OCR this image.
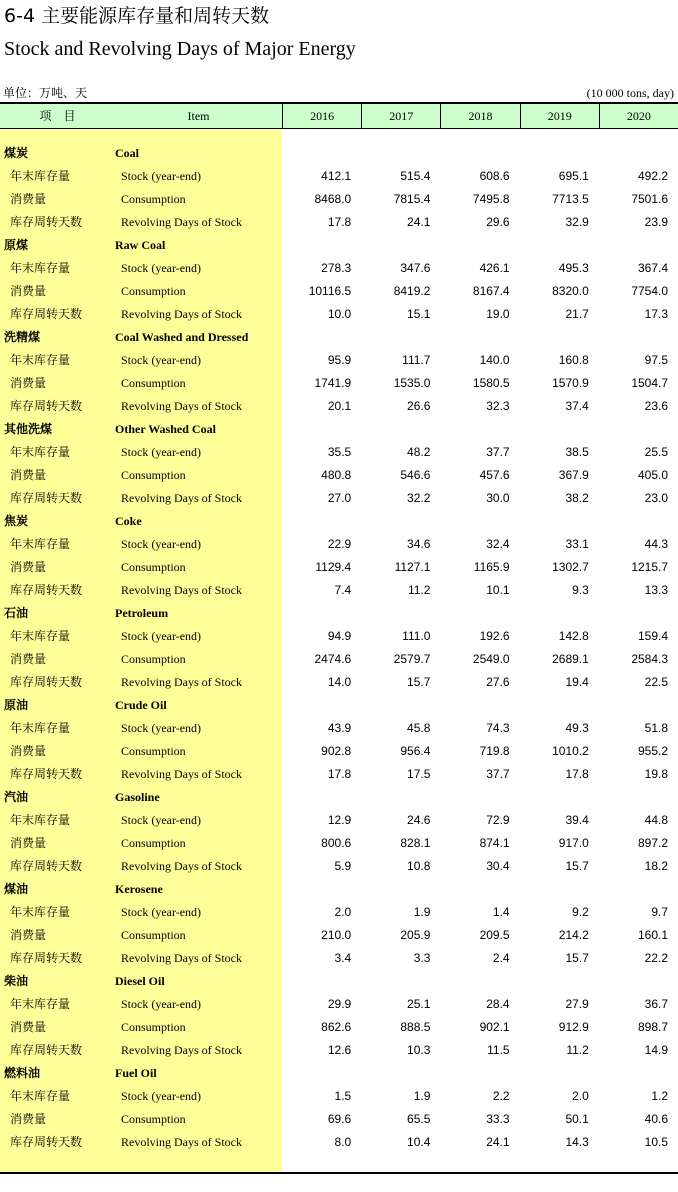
6-4 主要能源库存量和周转天数
Stock and Revolving Days of Major Energy
单位：万吨、天	(10 000 tons, day)
项　目	Item	2016	2017	2018	2019	2020
煤炭	Coal
年末库存量	Stock (year-end)	412.1	515.4	608.6	695.1	492.2
消费量	Consumption	8468.0	7815.4	7495.8	7713.5	7501.6
库存周转天数	Revolving Days of Stock	17.8	24.1	29.6	32.9	23.9
原煤	Raw Coal
年末库存量	Stock (year-end)	278.3	347.6	426.1	495.3	367.4
消费量	Consumption	10116.5	8419.2	8167.4	8320.0	7754.0
库存周转天数	Revolving Days of Stock	10.0	15.1	19.0	21.7	17.3
洗精煤	Coal Washed and Dressed
年末库存量	Stock (year-end)	95.9	111.7	140.0	160.8	97.5
消费量	Consumption	1741.9	1535.0	1580.5	1570.9	1504.7
库存周转天数	Revolving Days of Stock	20.1	26.6	32.3	37.4	23.6
其他洗煤	Other Washed Coal
年末库存量	Stock (year-end)	35.5	48.2	37.7	38.5	25.5
消费量	Consumption	480.8	546.6	457.6	367.9	405.0
库存周转天数	Revolving Days of Stock	27.0	32.2	30.0	38.2	23.0
焦炭	Coke
年末库存量	Stock (year-end)	22.9	34.6	32.4	33.1	44.3
消费量	Consumption	1129.4	1127.1	1165.9	1302.7	1215.7
库存周转天数	Revolving Days of Stock	7.4	11.2	10.1	9.3	13.3
石油	Petroleum
年末库存量	Stock (year-end)	94.9	111.0	192.6	142.8	159.4
消费量	Consumption	2474.6	2579.7	2549.0	2689.1	2584.3
库存周转天数	Revolving Days of Stock	14.0	15.7	27.6	19.4	22.5
原油	Crude Oil
年末库存量	Stock (year-end)	43.9	45.8	74.3	49.3	51.8
消费量	Consumption	902.8	956.4	719.8	1010.2	955.2
库存周转天数	Revolving Days of Stock	17.8	17.5	37.7	17.8	19.8
汽油	Gasoline
年末库存量	Stock (year-end)	12.9	24.6	72.9	39.4	44.8
消费量	Consumption	800.6	828.1	874.1	917.0	897.2
库存周转天数	Revolving Days of Stock	5.9	10.8	30.4	15.7	18.2
煤油	Kerosene
年末库存量	Stock (year-end)	2.0	1.9	1.4	9.2	9.7
消费量	Consumption	210.0	205.9	209.5	214.2	160.1
库存周转天数	Revolving Days of Stock	3.4	3.3	2.4	15.7	22.2
柴油	Diesel Oil
年末库存量	Stock (year-end)	29.9	25.1	28.4	27.9	36.7
消费量	Consumption	862.6	888.5	902.1	912.9	898.7
库存周转天数	Revolving Days of Stock	12.6	10.3	11.5	11.2	14.9
燃料油	Fuel Oil
年末库存量	Stock (year-end)	1.5	1.9	2.2	2.0	1.2
消费量	Consumption	69.6	65.5	33.3	50.1	40.6
库存周转天数	Revolving Days of Stock	8.0	10.4	24.1	14.3	10.5
